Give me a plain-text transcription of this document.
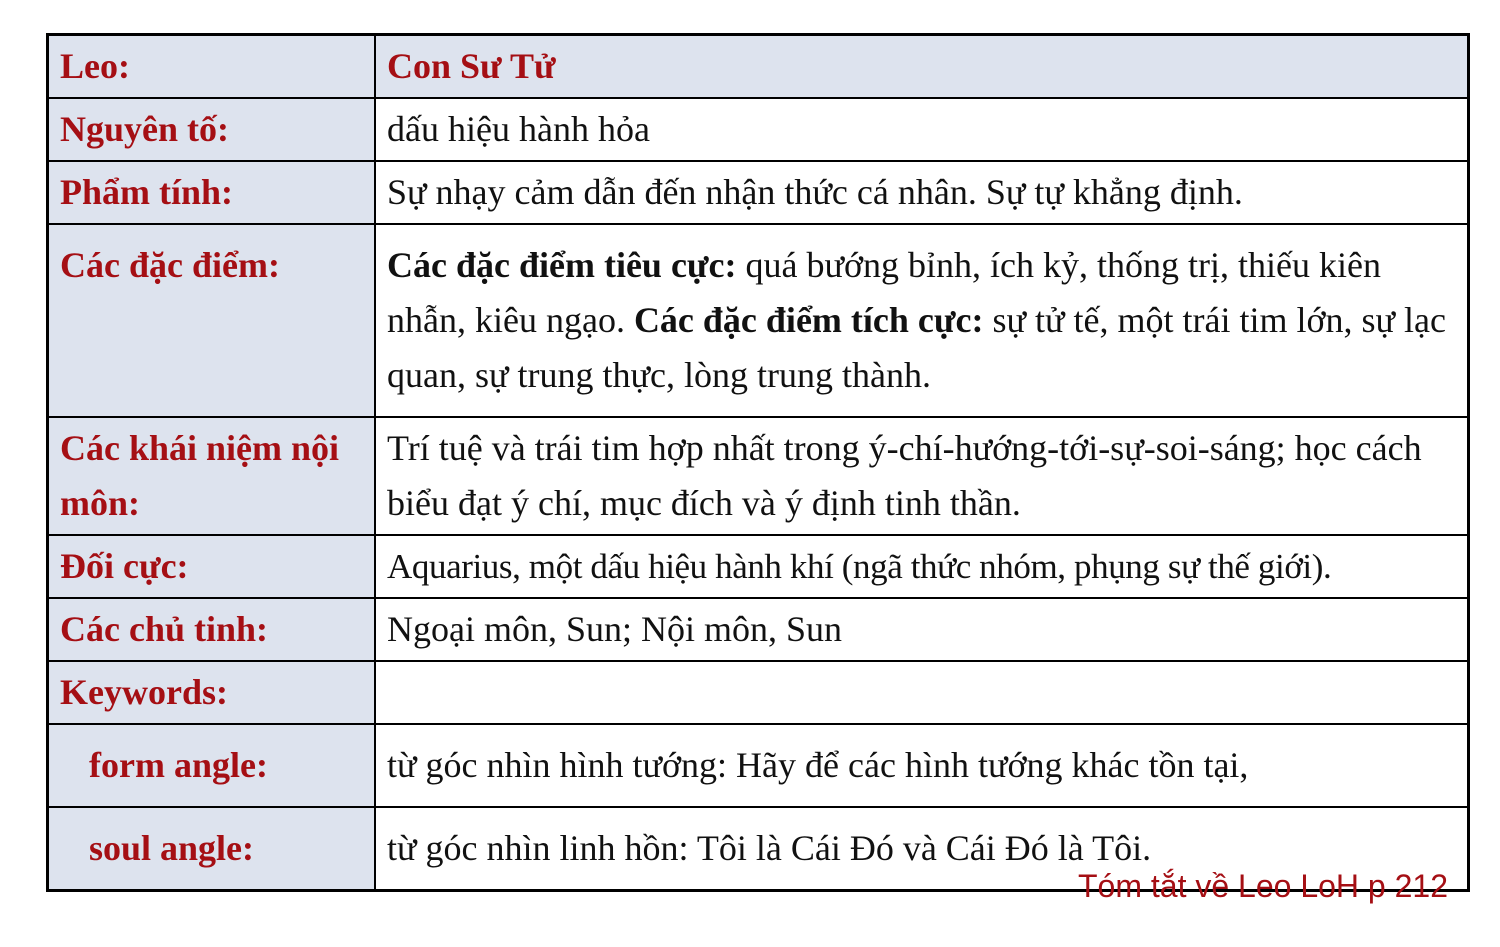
Leo:	Con Sư Tử
Nguyên tố:	dấu hiệu hành hỏa
Phẩm tính:	Sự nhạy cảm dẫn đến nhận thức cá nhân. Sự tự khẳng định.
Các đặc điểm:	Các đặc điểm tiêu cực: quá bướng bỉnh, ích kỷ, thống trị, thiếu kiên nhẫn, kiêu ngạo. Các đặc điểm tích cực: sự tử tế, một trái tim lớn, sự lạc quan, sự trung thực, lòng trung thành.
Các khái niệm nội môn:	Trí tuệ và trái tim hợp nhất trong ý-chí-hướng-tới-sự-soi-sáng; học cách biểu đạt ý chí, mục đích và ý định tinh thần.
Đối cực:	Aquarius, một dấu hiệu hành khí (ngã thức nhóm, phụng sự thế giới).
Các chủ tinh:	Ngoại môn, Sun; Nội môn, Sun
Keywords:	
form angle:	từ góc nhìn hình tướng: Hãy để các hình tướng khác tồn tại,
soul angle:	từ góc nhìn linh hồn: Tôi là Cái Đó và Cái Đó là Tôi.
Tóm tắt về Leo LoH p 212
